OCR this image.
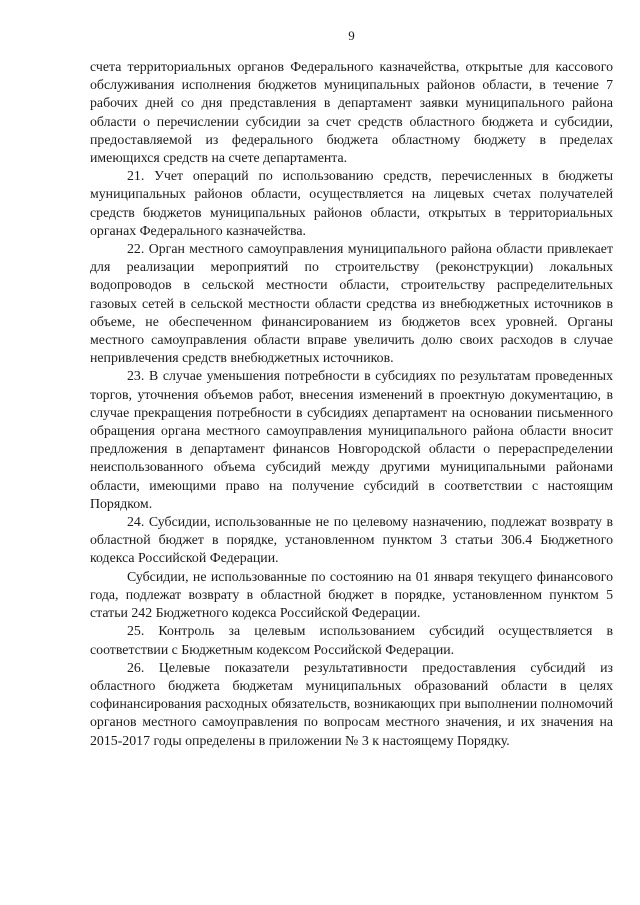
9

счета территориальных органов Федерального казначейства, открытые для кассового обслуживания исполнения бюджетов муниципальных районов области, в течение 7 рабочих дней со дня представления в департамент заявки муниципального района области о перечислении субсидии за счет средств областного бюджета и субсидии, предоставляемой из федерального бюджета областному бюджету в пределах имеющихся средств на счете департамента.

21. Учет операций по использованию средств, перечисленных в бюджеты муниципальных районов области, осуществляется на лицевых счетах получателей средств бюджетов муниципальных районов области, открытых в территориальных органах Федерального казначейства.

22. Орган местного самоуправления муниципального района области привлекает для реализации мероприятий по строительству (реконструкции) локальных водопроводов в сельской местности области, строительству распределительных газовых сетей в сельской местности области средства из внебюджетных источников в объеме, не обеспеченном финансированием из бюджетов всех уровней. Органы местного самоуправления области вправе увеличить долю своих расходов в случае непривлечения средств внебюджетных источников.

23. В случае уменьшения потребности в субсидиях по результатам проведенных торгов, уточнения объемов работ, внесения изменений в проектную документацию, в случае прекращения потребности в субсидиях департамент на основании письменного обращения органа местного самоуправления муниципального района области вносит предложения в департамент финансов Новгородской области о перераспределении неиспользованного объема субсидий между другими муниципальными районами области, имеющими право на получение субсидий в соответствии с настоящим Порядком.

24. Субсидии, использованные не по целевому назначению, подлежат возврату в областной бюджет в порядке, установленном пунктом 3 статьи 306.4 Бюджетного кодекса Российской Федерации.

Субсидии, не использованные по состоянию на 01 января текущего финансового года, подлежат возврату в областной бюджет в порядке, установленном пунктом 5 статьи 242 Бюджетного кодекса Российской Федерации.

25. Контроль за целевым использованием субсидий осуществляется в соответствии с Бюджетным кодексом Российской Федерации.

26. Целевые показатели результативности предоставления субсидий из областного бюджета бюджетам муниципальных образований области в целях софинансирования расходных обязательств, возникающих при выполнении полномочий органов местного самоуправления по вопросам местного значения, и их значения на 2015-2017 годы определены в приложении № 3 к настоящему Порядку.
